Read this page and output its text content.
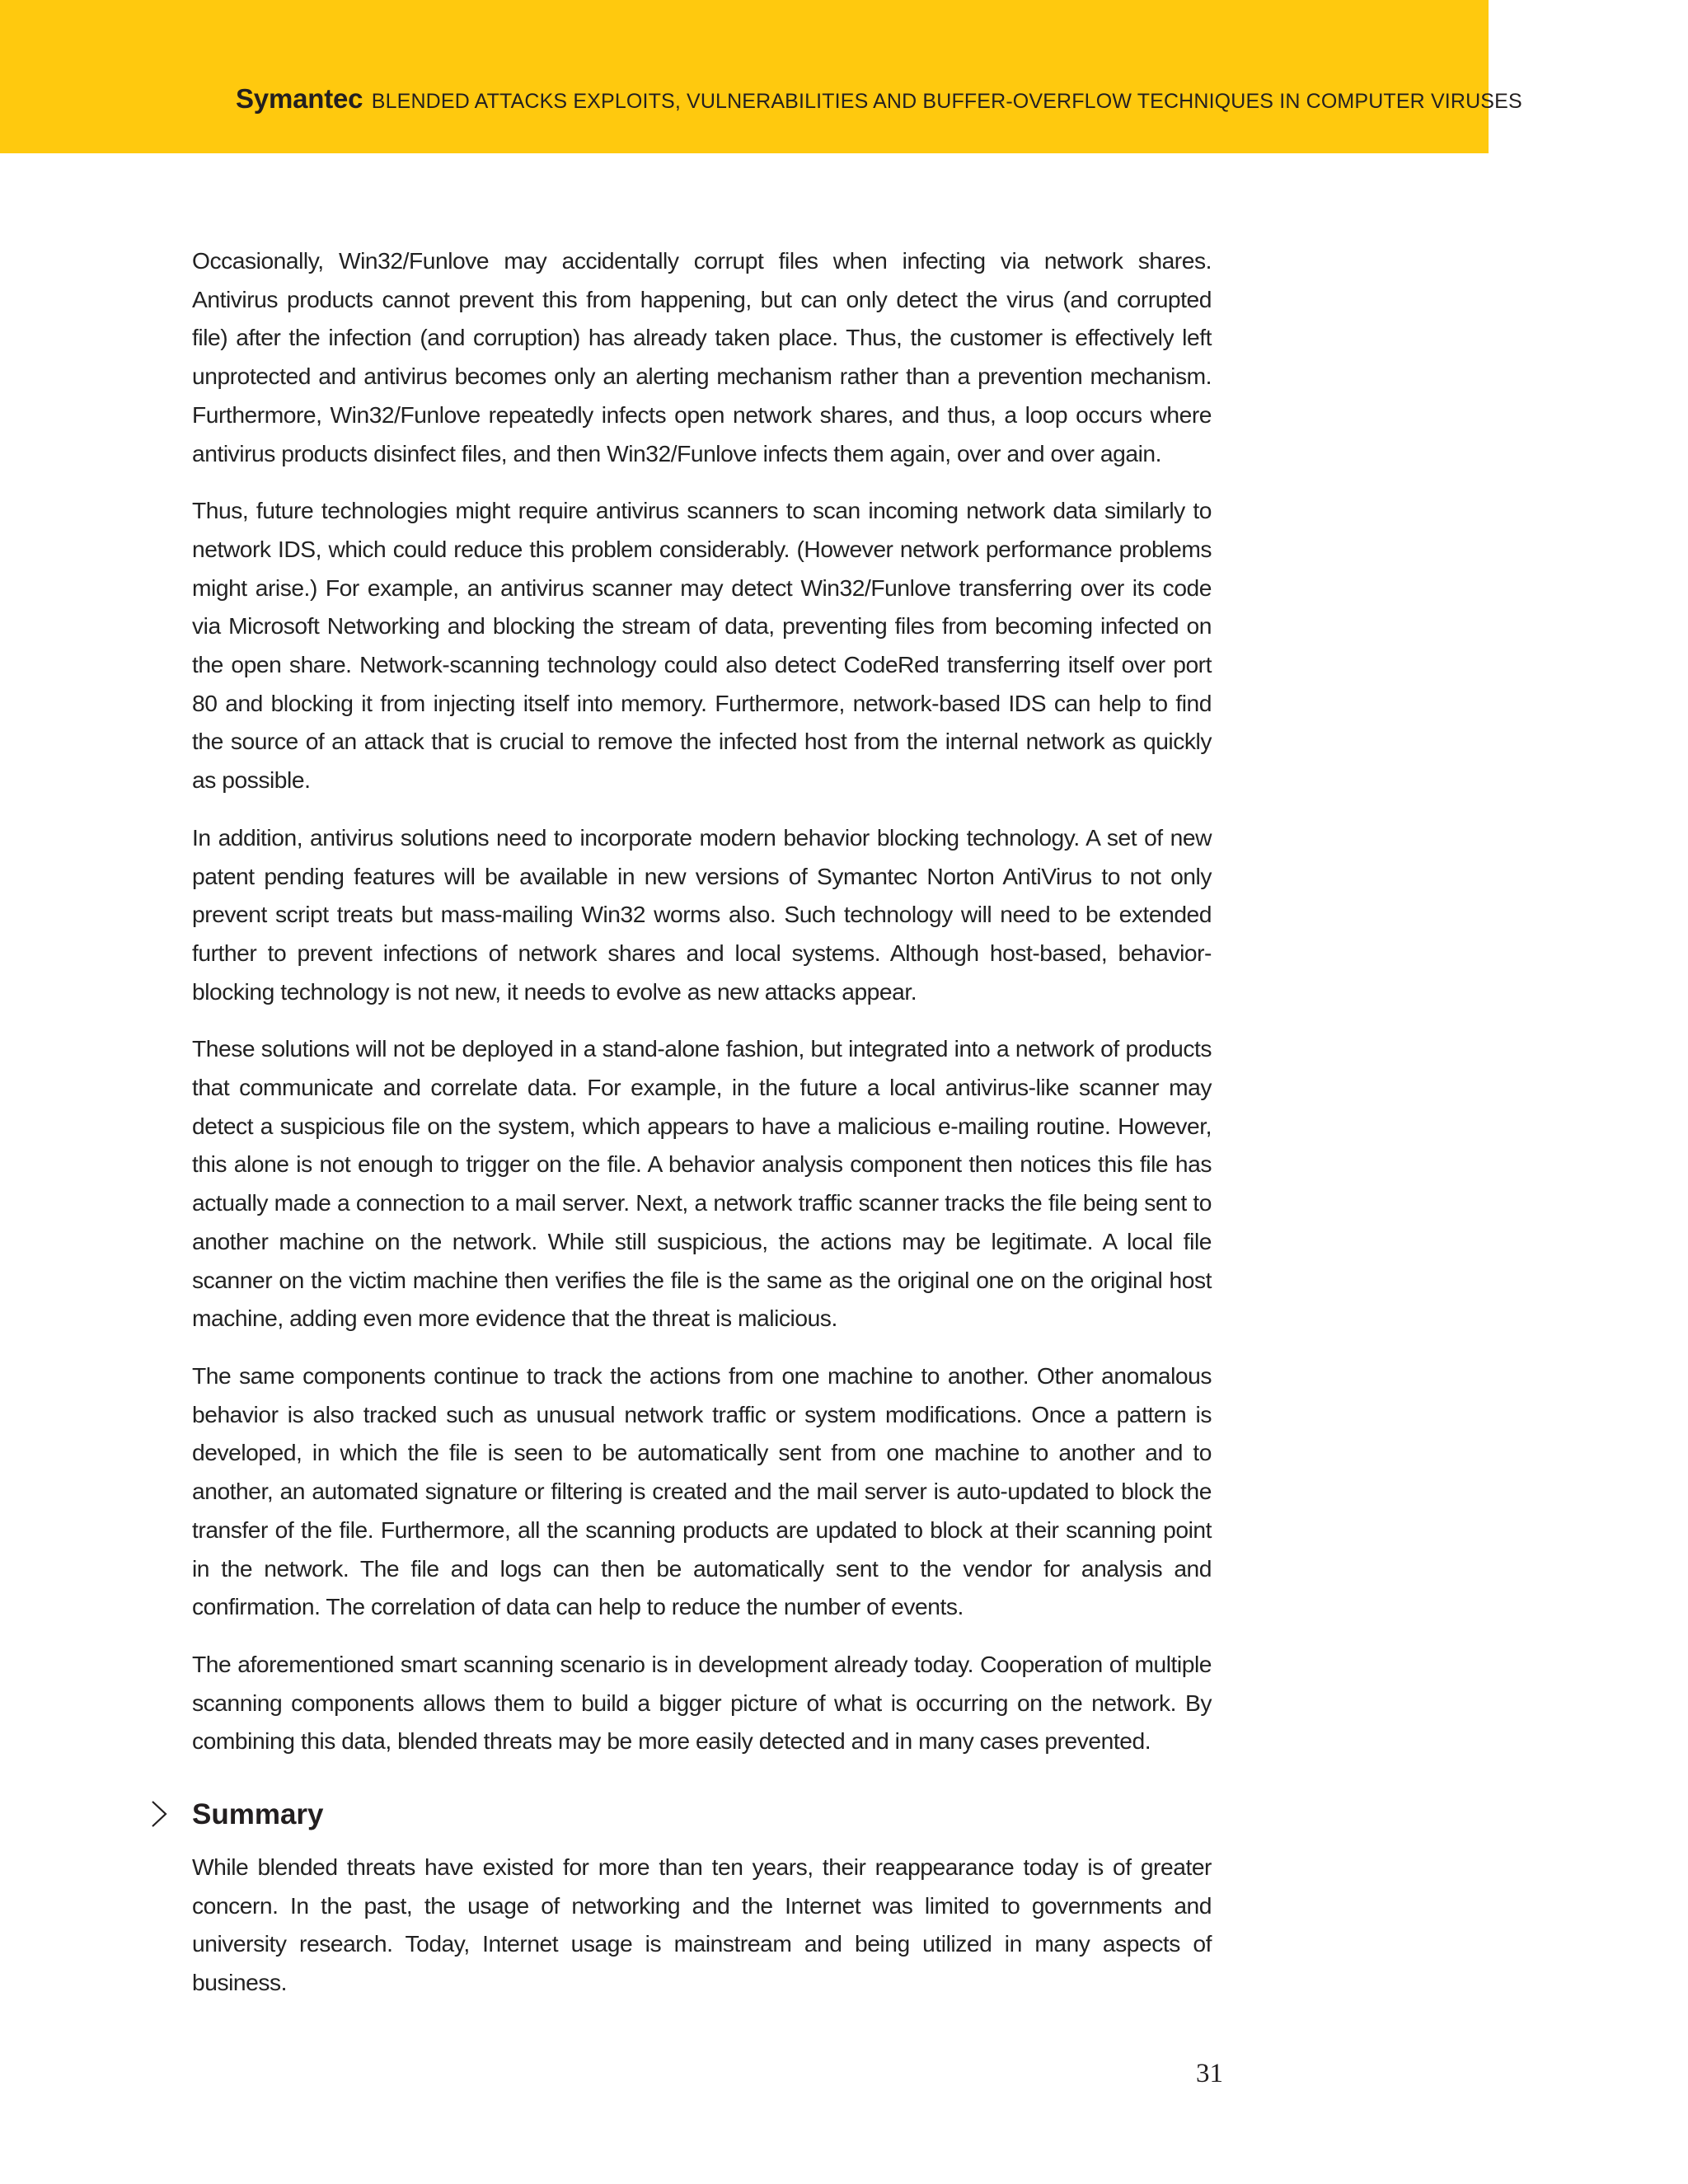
Symantec BLENDED ATTACKS EXPLOITS, VULNERABILITIES AND BUFFER-OVERFLOW TECHNIQUES IN COMPUTER VIRUSES

Occasionally, Win32/Funlove may accidentally corrupt files when infecting via network shares. Antivirus products cannot prevent this from happening, but can only detect the virus (and corrupted file) after the infection (and corruption) has already taken place. Thus, the customer is effectively left unprotected and antivirus becomes only an alerting mechanism rather than a prevention mechanism. Furthermore, Win32/Funlove repeatedly infects open network shares, and thus, a loop occurs where antivirus products disinfect files, and then Win32/Funlove infects them again, over and over again.

Thus, future technologies might require antivirus scanners to scan incoming network data similarly to network IDS, which could reduce this problem considerably. (However network performance problems might arise.) For example, an antivirus scanner may detect Win32/Funlove transferring over its code via Microsoft Networking and blocking the stream of data, preventing files from becoming infected on the open share. Network-scanning technology could also detect CodeRed transferring itself over port 80 and blocking it from injecting itself into memory. Furthermore, network-based IDS can help to find the source of an attack that is crucial to remove the infected host from the internal network as quickly as possible.

In addition, antivirus solutions need to incorporate modern behavior blocking technology. A set of new patent pending features will be available in new versions of Symantec Norton AntiVirus to not only prevent script treats but mass-mailing Win32 worms also. Such technology will need to be extended further to prevent infections of network shares and local systems. Although host-based, behavior-blocking technology is not new, it needs to evolve as new attacks appear.

These solutions will not be deployed in a stand-alone fashion, but integrated into a network of products that communicate and correlate data. For example, in the future a local antivirus-like scanner may detect a suspicious file on the system, which appears to have a malicious e-mailing routine. However, this alone is not enough to trigger on the file. A behavior analysis component then notices this file has actually made a connection to a mail server. Next, a network traffic scanner tracks the file being sent to another machine on the network. While still suspicious, the actions may be legitimate. A local file scanner on the victim machine then verifies the file is the same as the original one on the original host machine, adding even more evidence that the threat is malicious.

The same components continue to track the actions from one machine to another. Other anomalous behavior is also tracked such as unusual network traffic or system modifications. Once a pattern is developed, in which the file is seen to be automatically sent from one machine to another and to another, an automated signature or filtering is created and the mail server is auto-updated to block the transfer of the file. Furthermore, all the scanning products are updated to block at their scanning point in the network. The file and logs can then be automatically sent to the vendor for analysis and confirmation. The correlation of data can help to reduce the number of events.

The aforementioned smart scanning scenario is in development already today. Cooperation of multiple scanning components allows them to build a bigger picture of what is occurring on the network. By combining this data, blended threats may be more easily detected and in many cases prevented.

Summary

While blended threats have existed for more than ten years, their reappearance today is of greater concern. In the past, the usage of networking and the Internet was limited to governments and university research. Today, Internet usage is mainstream and being utilized in many aspects of business.

31
